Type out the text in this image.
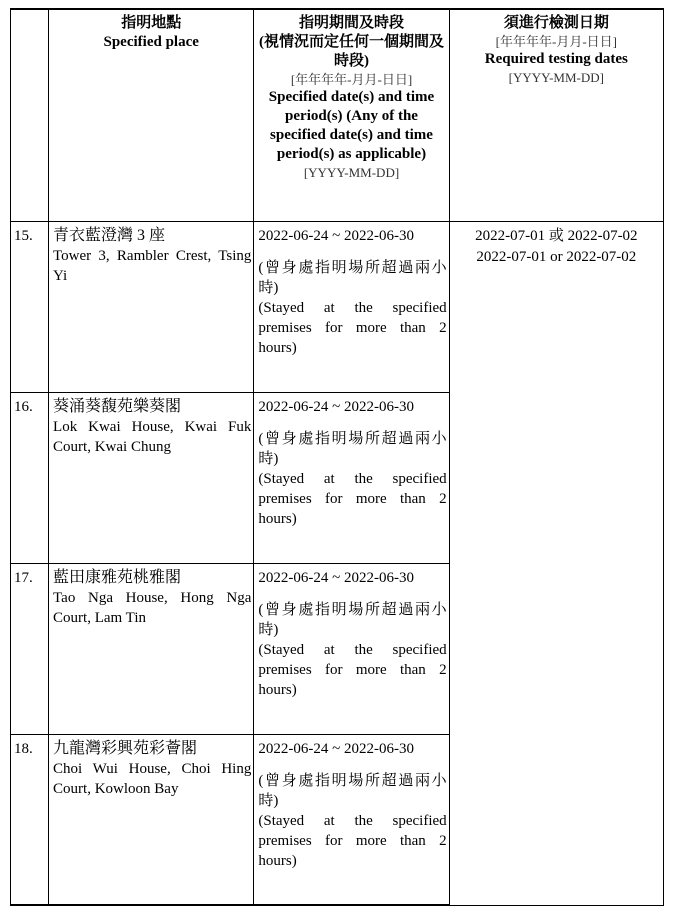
	指明地點
Specified place	指明期間及時段
(視情況而定任何一個期間及時段)
[年年年年-月月-日日]
Specified date(s) and time period(s) (Any of the specified date(s) and time period(s) as applicable)
[YYYY-MM-DD]	須進行檢測日期
[年年年年-月月-日日]
Required testing dates
[YYYY-MM-DD]

15.	青衣藍澄灣 3 座
Tower 3, Rambler Crest, Tsing Yi	2022-06-24 ~ 2022-06-30
(曾身處指明場所超過兩小時)
(Stayed at the specified premises for more than 2 hours)	2022-07-01 或 2022-07-02
2022-07-01 or 2022-07-02

16.	葵涌葵馥苑樂葵閣
Lok Kwai House, Kwai Fuk Court, Kwai Chung	2022-06-24 ~ 2022-06-30
(曾身處指明場所超過兩小時)
(Stayed at the specified premises for more than 2 hours)	

17.	藍田康雅苑桃雅閣
Tao Nga House, Hong Nga Court, Lam Tin	2022-06-24 ~ 2022-06-30
(曾身處指明場所超過兩小時)
(Stayed at the specified premises for more than 2 hours)	

18.	九龍灣彩興苑彩薈閣
Choi Wui House, Choi Hing Court, Kowloon Bay	2022-06-24 ~ 2022-06-30
(曾身處指明場所超過兩小時)
(Stayed at the specified premises for more than 2 hours)	
